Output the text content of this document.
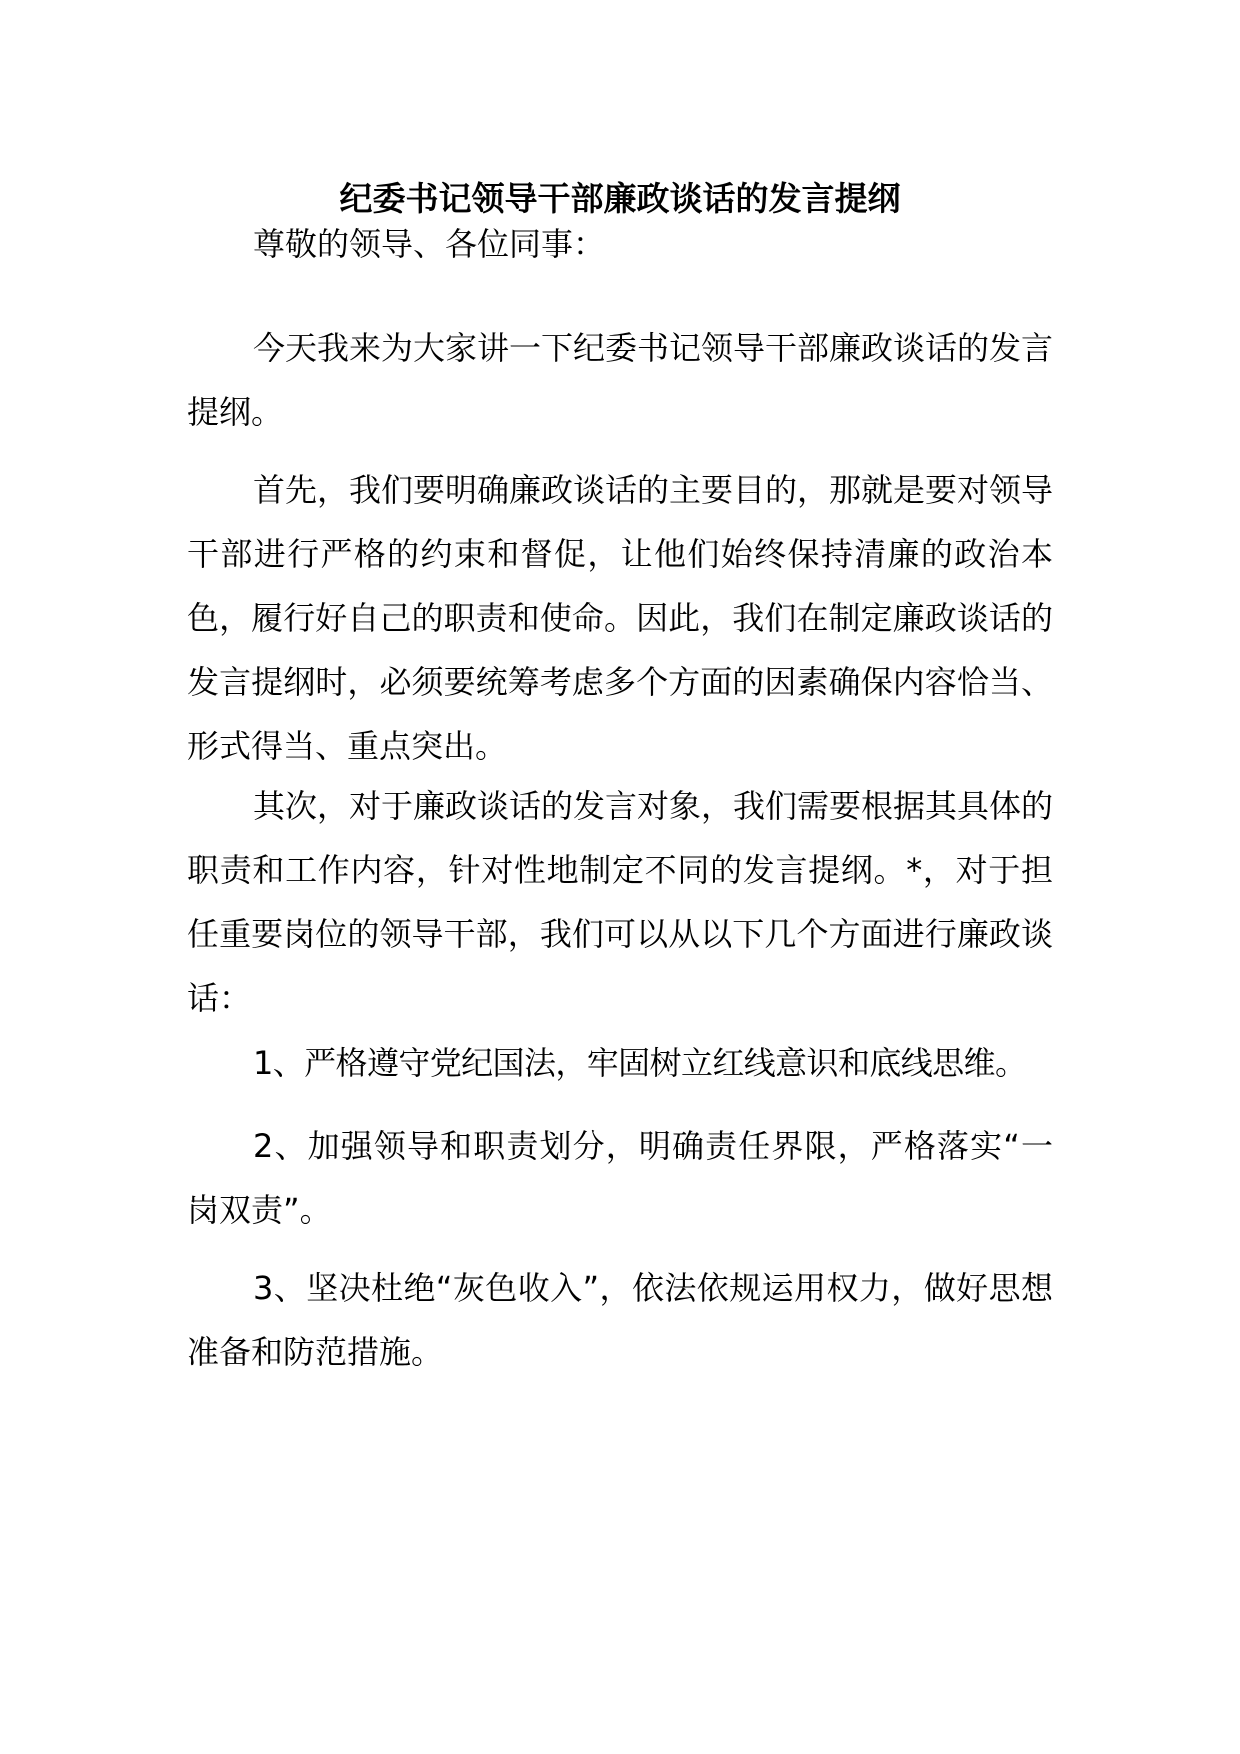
纪委书记领导干部廉政谈话的发言提纲

尊敬的领导、各位同事：

今天我来为大家讲一下纪委书记领导干部廉政谈话的发言提纲。

首先，我们要明确廉政谈话的主要目的，那就是要对领导干部进行严格的约束和督促，让他们始终保持清廉的政治本色，履行好自己的职责和使命。因此，我们在制定廉政谈话的发言提纲时，必须要统筹考虑多个方面的因素确保内容恰当、形式得当、重点突出。

其次，对于廉政谈话的发言对象，我们需要根据其具体的职责和工作内容，针对性地制定不同的发言提纲。*，对于担任重要岗位的领导干部，我们可以从以下几个方面进行廉政谈话：

1、严格遵守党纪国法，牢固树立红线意识和底线思维。

2、加强领导和职责划分，明确责任界限，严格落实“一岗双责”。

3、坚决杜绝“灰色收入”，依法依规运用权力，做好思想准备和防范措施。
